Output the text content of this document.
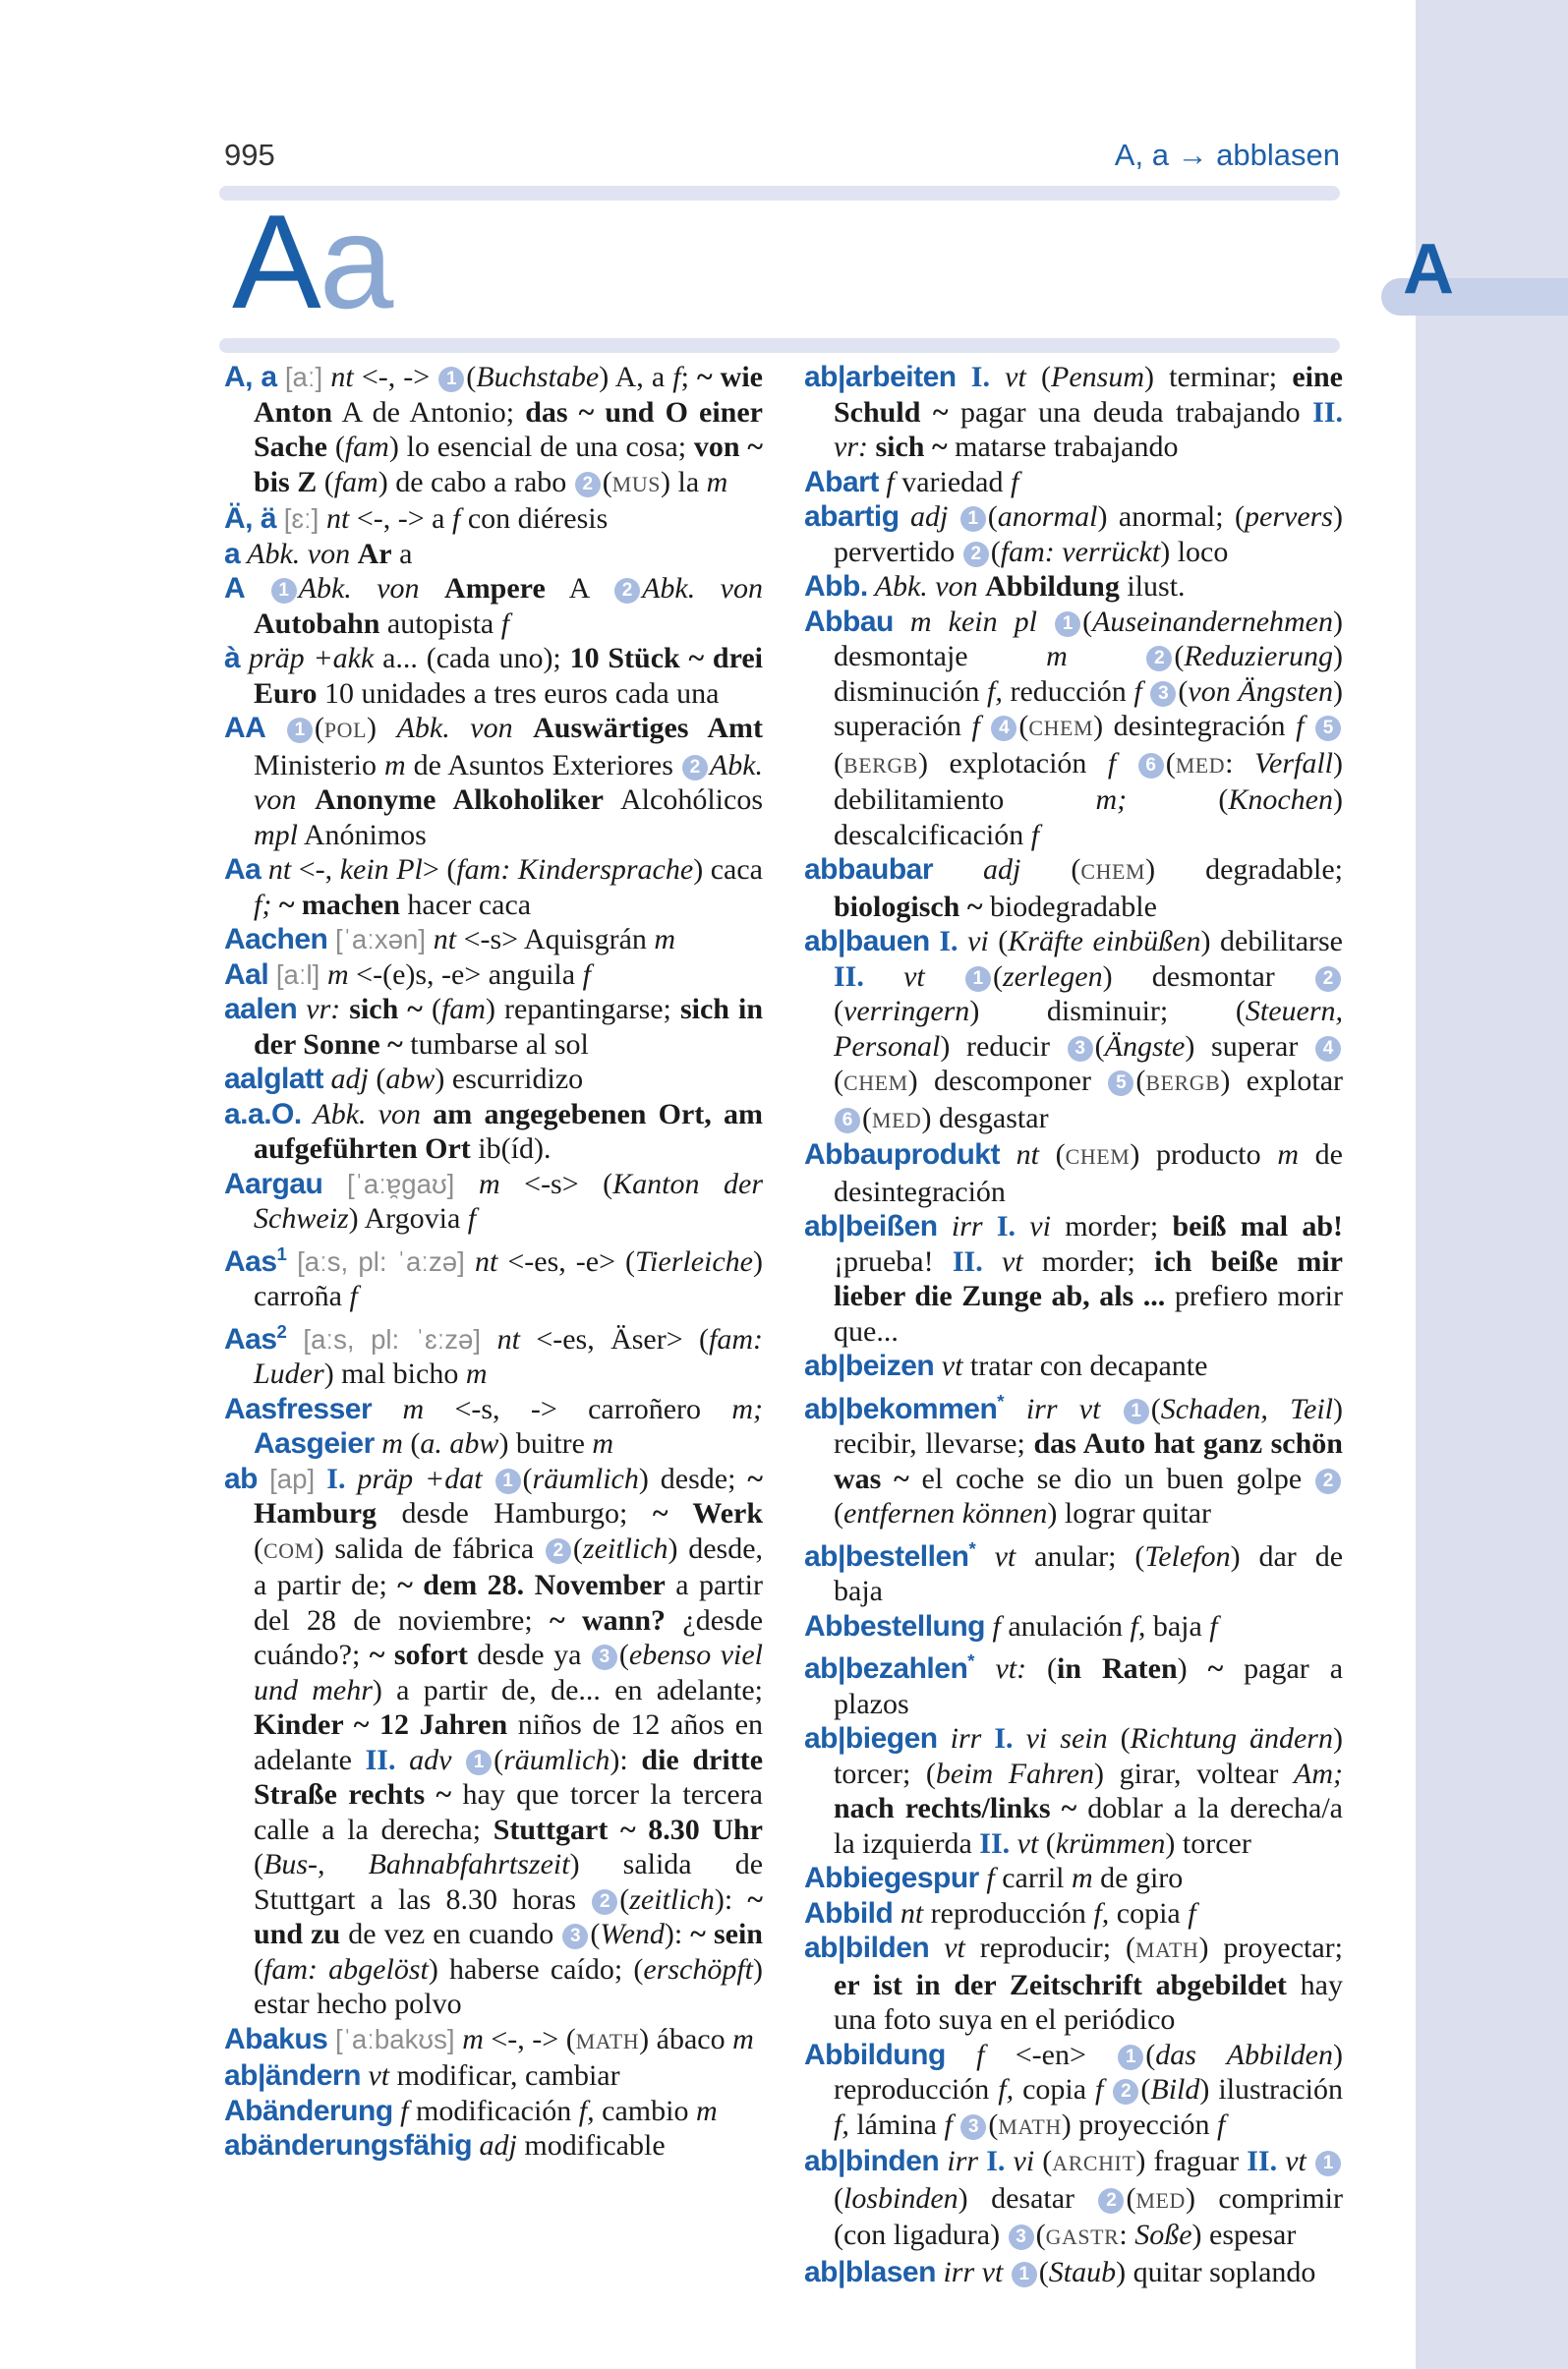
A
995	A, a → abblasen
Aa

A, a [aː] nt <-, -> 1 (Buchstabe) A, a f; ~ wie Anton A de Antonio; das ~ und O einer Sache (fam) lo esencial de una cosa; von ~ bis Z (fam) de cabo a rabo 2 (MUS) la m

Ä, ä [ɛː] nt <-, -> a f con diéresis

a Abk. von Ar a

A 1 Abk. von Ampere A 2 Abk. von Autobahn autopista f

à präp +akk a... (cada uno); 10 Stück ~ drei Euro 10 unidades a tres euros cada una

AA 1 (POL) Abk. von Auswärtiges Amt Ministerio m de Asuntos Exteriores 2 Abk. von Anonyme Alkoholiker Alcohólicos mpl Anónimos

Aa nt <-, kein Pl> (fam: Kindersprache) caca f; ~ machen hacer caca

Aachen [ˈaːxən] nt <-s> Aquisgrán m

Aal [aːl] m <-(e)s, -e> anguila f

aalen vr: sich ~ (fam) repantingarse; sich in der Sonne ~ tumbarse al sol

aalglatt adj (abw) escurridizo

a.a.O. Abk. von am angegebenen Ort, am aufgeführten Ort ib(íd).

Aargau [ˈaːɐ̯gaʊ] m <-s> (Kanton der Schweiz) Argovia f

Aas$^1$ [aːs, pl: ˈaːzə] nt <-es, -e> (Tierleiche) carroña f

Aas$^2$ [aːs, pl: ˈɛːzə] nt <-es, Äser> (fam: Luder) mal bicho m

Aasfresser m <-s, -> carroñero m; Aasgeier m (a. abw) buitre m

ab [ap] I. präp +dat 1 (räumlich) desde; ~ Hamburg desde Hamburgo; ~ Werk (COM) salida de fábrica 2 (zeitlich) desde, a partir de; ~ dem 28. November a partir del 28 de noviembre; ~ wann? ¿desde cuándo?; ~ sofort desde ya 3 (ebenso viel und mehr) a partir de, de... en adelante; Kinder ~ 12 Jahren niños de 12 años en adelante II. adv 1 (räumlich): die dritte Straße rechts ~ hay que torcer la tercera calle a la derecha; Stuttgart ~ 8.30 Uhr (Bus-, Bahnabfahrtszeit) salida de Stuttgart a las 8.30 horas 2 (zeitlich): ~ und zu de vez en cuando 3 (Wend): ~ sein (fam: abgelöst) haberse caído; (erschöpft) estar hecho polvo

Abakus [ˈaːbakʊs] m <-, -> (MATH) ábaco m

ab|ändern vt modificar, cambiar

Abänderung f modificación f, cambio m

abänderungsfähig adj modificable

ab|arbeiten I. vt (Pensum) terminar; eine Schuld ~ pagar una deuda trabajando II. vr: sich ~ matarse trabajando

Abart f variedad f

abartig adj 1 (anormal) anormal; (pervers) pervertido 2 (fam: verrückt) loco

Abb. Abk. von Abbildung ilust.

Abbau m kein pl 1 (Auseinandernehmen) desmontaje m	2 (Reduzierung) disminución f, reducción f 3 (von Ängsten) superación f 4 (CHEM) desintegración f 5(BERGB) explotación f 6 (MED: Verfall) debilitamiento m; (Knochen) descalcificación f

abbaubar adj (CHEM) degradable; biologisch ~ biodegradable

ab|bauen I. vi (Kräfte einbüßen) debilitarse II. vt 1 (zerlegen) desmontar 2(verringern) disminuir; (Steuern, Personal) reducir 3 (Ängste) superar 4(CHEM) descomponer 5 (BERGB) explotar 6 (MED) desgastar

Abbauprodukt nt (CHEM) producto m de desintegración

ab|beißen irr I. vi morder; beiß mal ab! ¡prueba! II. vt morder; ich beiße mir lieber die Zunge ab, als ... prefiero morir que...

ab|beizen vt tratar con decapante

ab|bekommen* irr vt 1 (Schaden, Teil) recibir, llevarse; das Auto hat ganz schön was ~ el coche se dio un buen golpe 2(entfernen können) lograr quitar

ab|bestellen* vt anular; (Telefon) dar de baja

Abbestellung f anulación f, baja f

ab|bezahlen* vt: (in Raten) ~ pagar a plazos

ab|biegen irr I. vi sein (Richtung ändern) torcer; (beim Fahren) girar, voltear Am; nach rechts/links ~ doblar a la derecha/a la izquierda II. vt (krümmen) torcer

Abbiegespur f carril m de giro

Abbild nt reproducción f, copia f

ab|bilden vt reproducir; (MATH) proyectar; er ist in der Zeitschrift abgebildet hay una foto suya en el periódico

Abbildung f <-en> 1 (das Abbilden) reproducción f, copia f 2 (Bild) ilustración f, lámina f 3 (MATH) proyección f

ab|binden irr I. vi (ARCHIT) fraguar II. vt 1(losbinden) desatar 2 (MED) comprimir (con ligadura) 3 (GASTR: Soße) espesar

ab|blasen irr vt 1 (Staub) quitar soplando
